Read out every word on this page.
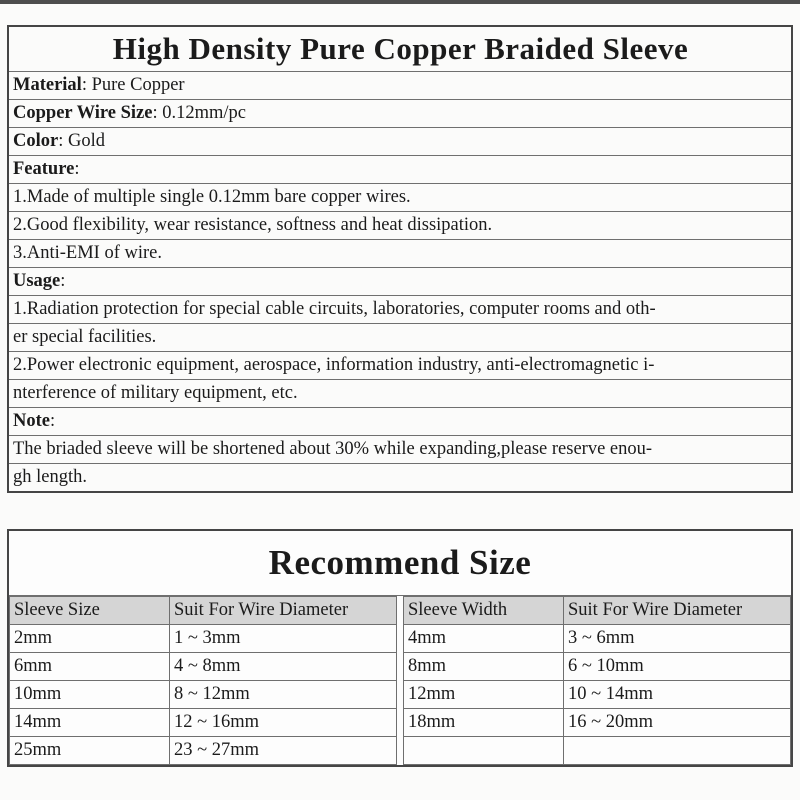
High Density Pure Copper Braided Sleeve
Material: Pure Copper
Copper Wire Size: 0.12mm/pc
Color: Gold
Feature:
1.Made of multiple single 0.12mm bare copper wires.
2.Good flexibility, wear resistance, softness and heat dissipation.
3.Anti-EMI of wire.
Usage:
1.Radiation protection for special cable circuits, laboratories, computer rooms and oth-
er special facilities.
2.Power electronic equipment, aerospace, information industry, anti-electromagnetic i-
nterference of military equipment, etc.
Note:
The briaded sleeve will be shortened about 30% while expanding,please reserve enou-
gh length.
Recommend Size
Sleeve Size	Suit For Wire Diameter
2mm	1 ~ 3mm
6mm	4 ~ 8mm
10mm	8 ~ 12mm
14mm	12 ~ 16mm
25mm	23 ~ 27mm
Sleeve Width	Suit For Wire Diameter
4mm	3 ~ 6mm
8mm	6 ~ 10mm
12mm	10 ~ 14mm
18mm	16 ~ 20mm
